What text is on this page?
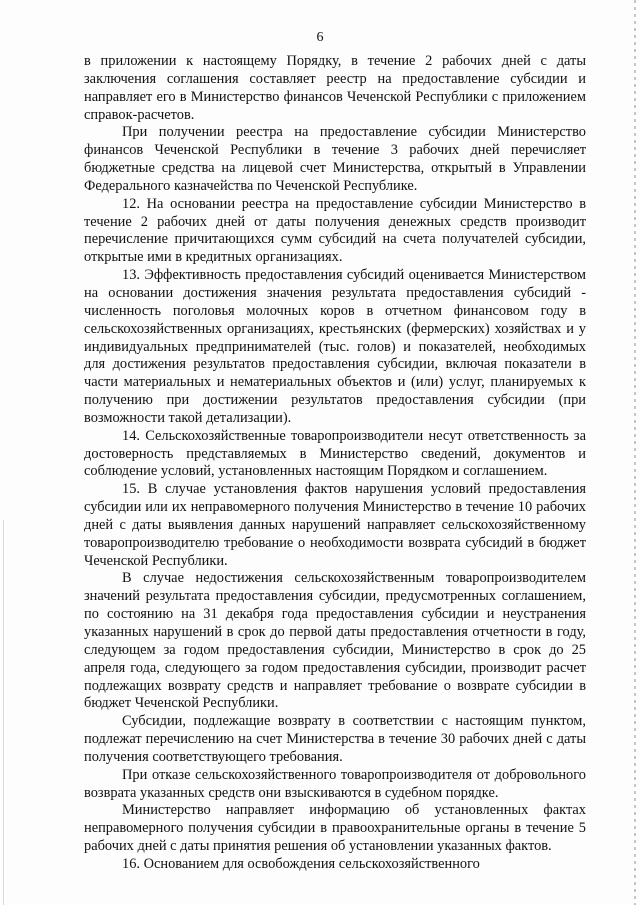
6

в приложении к настоящему Порядку, в течение 2 рабочих дней с даты заключения соглашения составляет реестр на предоставление субсидии и направляет его в Министерство финансов Чеченской Республики с приложением справок-расчетов.

При получении реестра на предоставление субсидии Министерство финансов Чеченской Республики в течение 3 рабочих дней перечисляет бюджетные средства на лицевой счет Министерства, открытый в Управлении Федерального казначейства по Чеченской Республике.

12. На основании реестра на предоставление субсидии Министерство в течение 2 рабочих дней от даты получения денежных средств производит перечисление причитающихся сумм субсидий на счета получателей субсидии, открытые ими в кредитных организациях.

13. Эффективность предоставления субсидий оценивается Министерством на основании достижения значения результата предоставления субсидий - численность поголовья молочных коров в отчетном финансовом году в сельскохозяйственных организациях, крестьянских (фермерских) хозяйствах и у индивидуальных предпринимателей (тыс. голов) и показателей, необходимых для достижения результатов предоставления субсидии, включая показатели в части материальных и нематериальных объектов и (или) услуг, планируемых к получению при достижении результатов предоставления субсидии (при возможности такой детализации).

14. Сельскохозяйственные товаропроизводители несут ответственность за достоверность представляемых в Министерство сведений, документов и соблюдение условий, установленных настоящим Порядком и соглашением.

15. В случае установления фактов нарушения условий предоставления субсидии или их неправомерного получения Министерство в течение 10 рабочих дней с даты выявления данных нарушений направляет сельскохозяйственному товаропроизводителю требование о необходимости возврата субсидий в бюджет Чеченской Республики.

В случае недостижения сельскохозяйственным товаропроизводителем значений результата предоставления субсидии, предусмотренных соглашением, по состоянию на 31 декабря года предоставления субсидии и неустранения указанных нарушений в срок до первой даты предоставления отчетности в году, следующем за годом предоставления субсидии, Министерство в срок до 25 апреля года, следующего за годом предоставления субсидии, производит расчет подлежащих возврату средств и направляет требование о возврате субсидии в бюджет Чеченской Республики.

Субсидии, подлежащие возврату в соответствии с настоящим пунктом, подлежат перечислению на счет Министерства в течение 30 рабочих дней с даты получения соответствующего требования.

При отказе сельскохозяйственного товаропроизводителя от добровольного возврата указанных средств они взыскиваются в судебном порядке.

Министерство направляет информацию об установленных фактах неправомерного получения субсидии в правоохранительные органы в течение 5 рабочих дней с даты принятия решения об установлении указанных фактов.

16. Основанием для освобождения сельскохозяйственного
